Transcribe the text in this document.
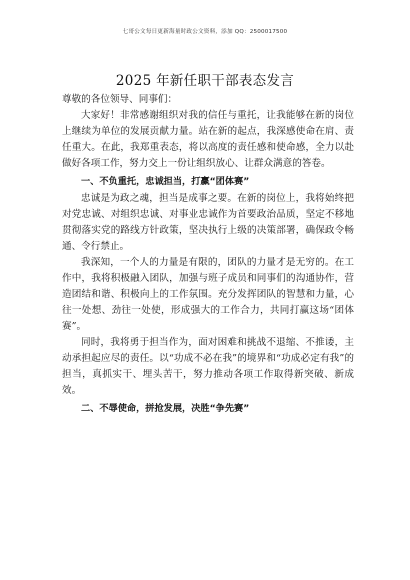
七哥公文每日更新海量时政公文资料，添加 QQ：2500017500
2025 年新任职干部表态发言

尊敬的各位领导、同事们：

大家好！非常感谢组织对我的信任与重托，让我能够在新的岗位上继续为单位的发展贡献力量。站在新的起点，我深感使命在肩、责任重大。在此，我郑重表态，将以高度的责任感和使命感，全力以赴做好各项工作，努力交上一份让组织放心、让群众满意的答卷。

一、不负重托，忠诚担当，打赢“团体赛”

忠诚是为政之魂，担当是成事之要。在新的岗位上，我将始终把对党忠诚、对组织忠诚、对事业忠诚作为首要政治品质，坚定不移地贯彻落实党的路线方针政策，坚决执行上级的决策部署，确保政令畅通、令行禁止。

我深知，一个人的力量是有限的，团队的力量才是无穷的。在工作中，我将积极融入团队，加强与班子成员和同事们的沟通协作，营造团结和谐、积极向上的工作氛围。充分发挥团队的智慧和力量，心往一处想、劲往一处使，形成强大的工作合力，共同打赢这场“团体赛”。

同时，我将勇于担当作为，面对困难和挑战不退缩、不推诿，主动承担起应尽的责任。以“功成不必在我”的境界和“功成必定有我”的担当，真抓实干、埋头苦干，努力推动各项工作取得新突破、新成效。

二、不辱使命，拼抢发展，决胜“争先赛”
